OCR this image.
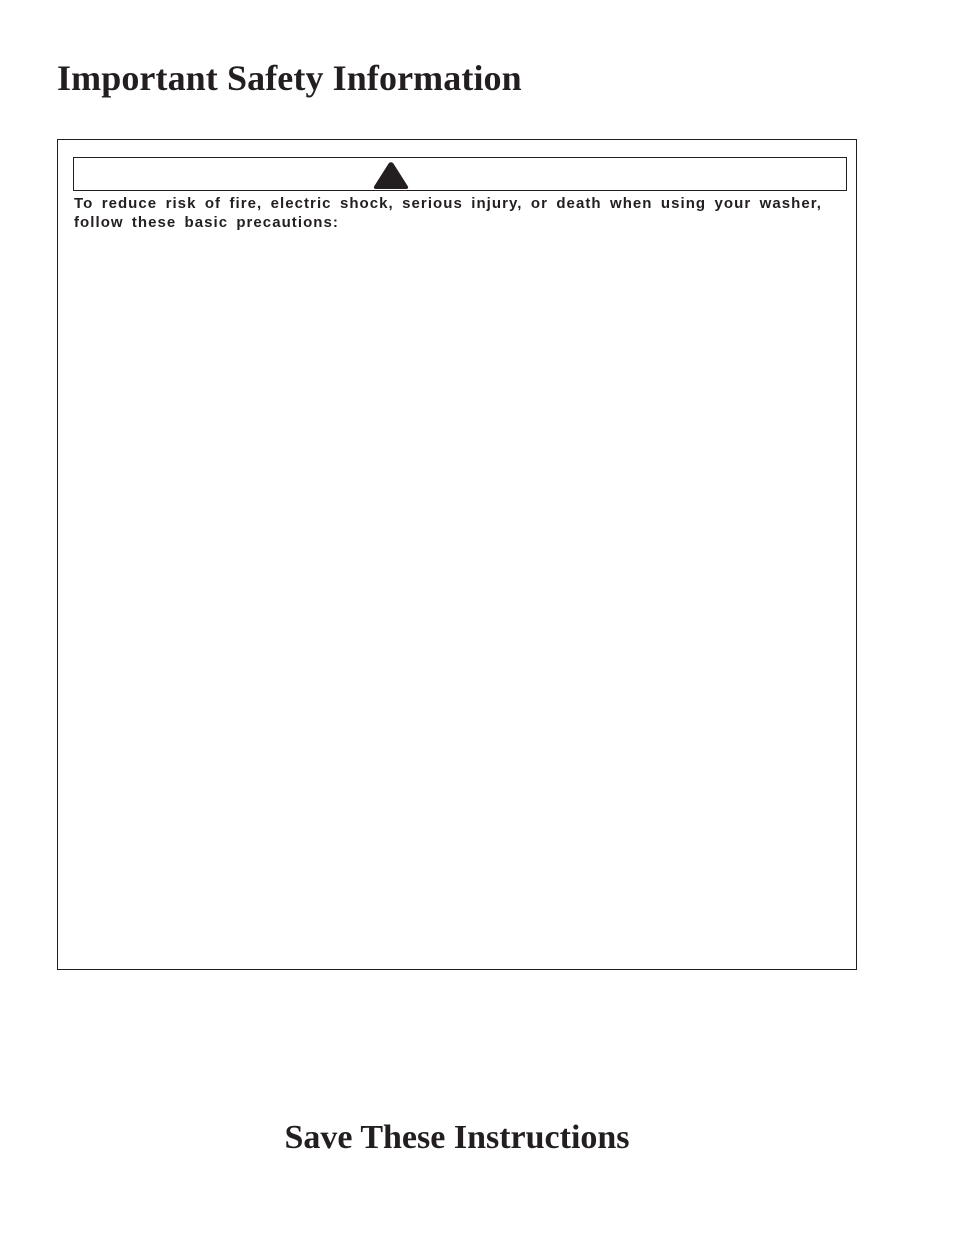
Important Safety Information

To reduce risk of fire, electric shock, serious injury, or death when using your washer, follow these basic precautions:

Save These Instructions
